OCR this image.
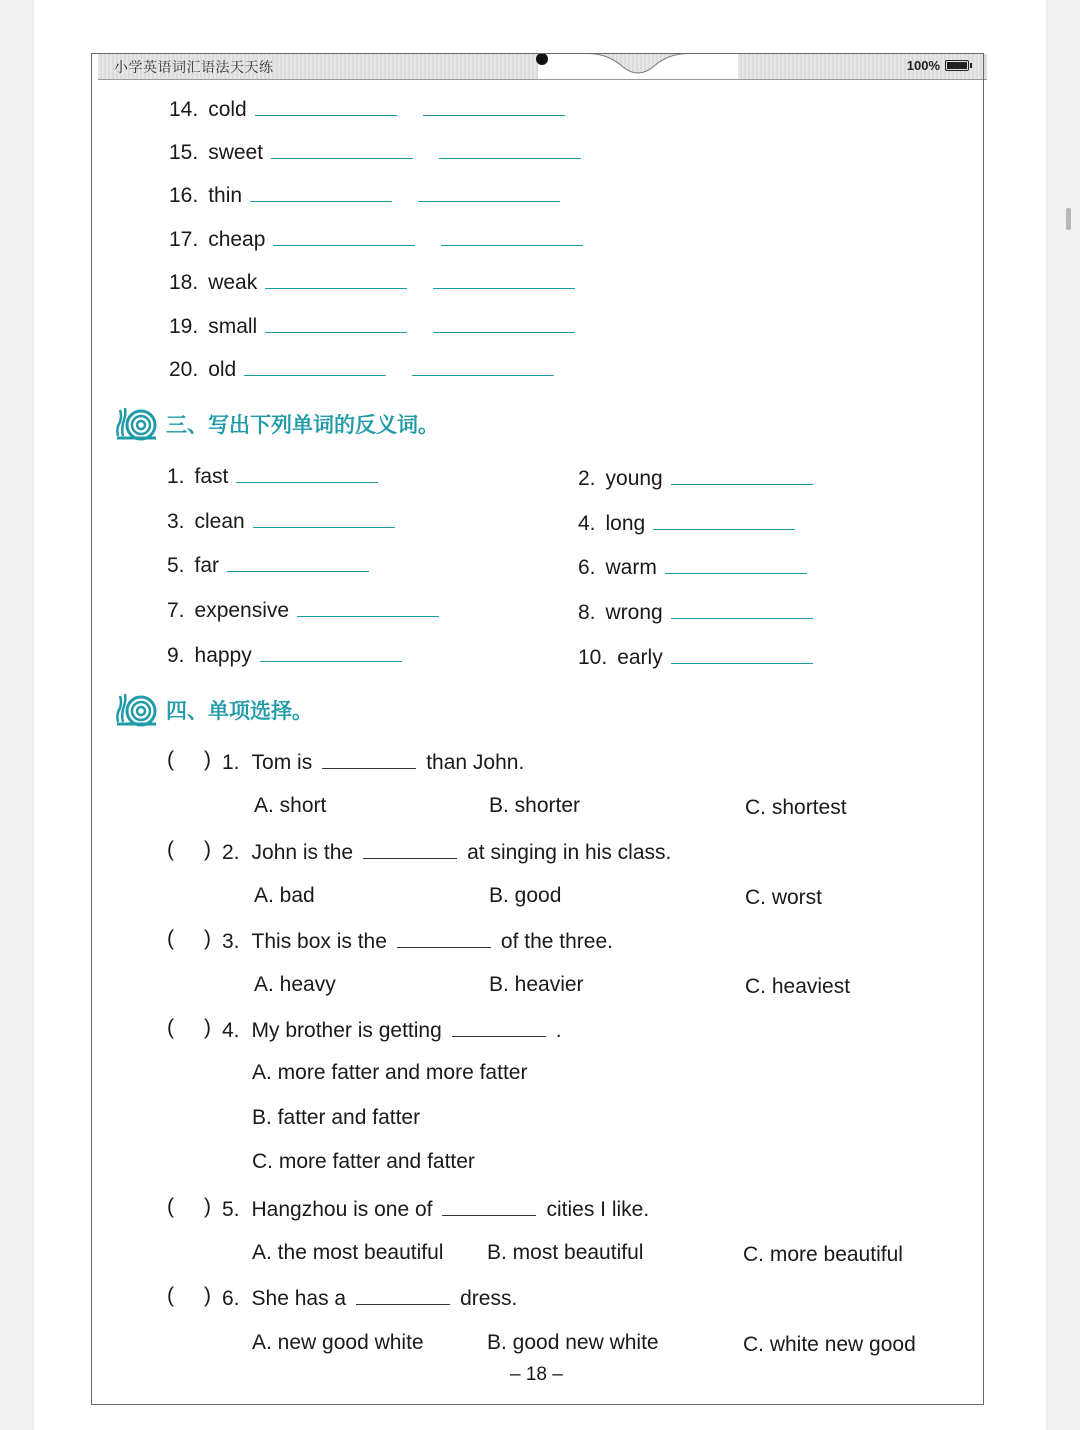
小学英语词汇语法天天练	100%
14. cold
15. sweet
16. thin
17. cheap
18. weak
19. small
20. old
三、写出下列单词的反义词。
1. fast	2. young
3. clean	4. long
5. far	6. warm
7. expensive	8. wrong
9. happy	10. early
四、单项选择。
( ) 1. Tom is	than John.
A. short	B. shorter	C. shortest
( ) 2. John is the	at singing in his class.
A. bad	B. good	C. worst
( ) 3. This box is the	of the three.
A. heavy	B. heavier	C. heaviest
( ) 4. My brother is getting	.
A. more fatter and more fatter
B. fatter and fatter
C. more fatter and fatter
( ) 5. Hangzhou is one of	cities I like.
A. the most beautiful B. most beautiful	C. more beautiful
( ) 6. She has a	dress.
A. new good white	B. good new white	C. white new good
– 18 –
